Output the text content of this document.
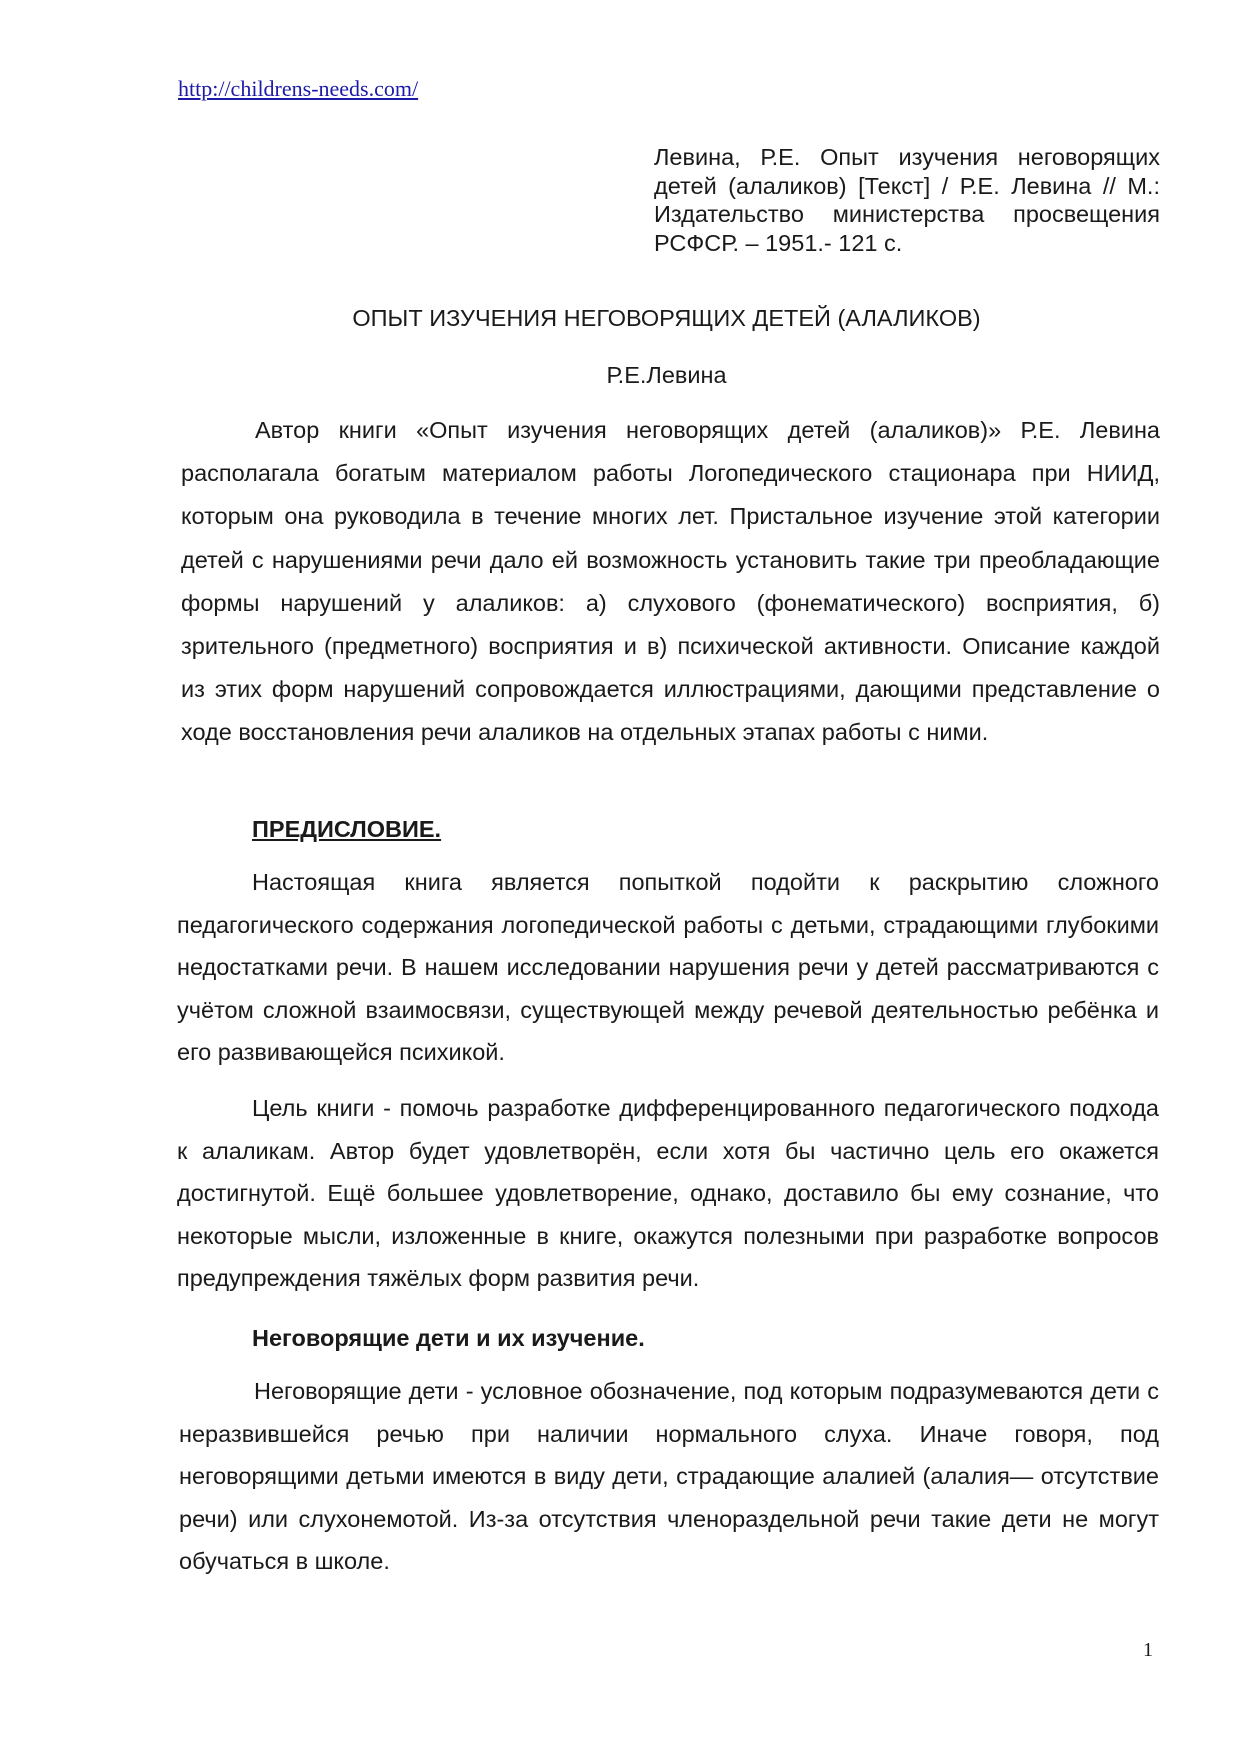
http://childrens-needs.com/

Левина, Р.Е. Опыт изучения неговорящих детей (алаликов) [Текст] / Р.Е. Левина // М.: Издательство министерства просвещения РСФСР. – 1951.- 121 с.

ОПЫТ ИЗУЧЕНИЯ НЕГОВОРЯЩИХ ДЕТЕЙ (АЛАЛИКОВ)

Р.Е.Левина

Автор книги «Опыт изучения неговорящих детей (алаликов)» Р.Е. Левина располагала богатым материалом работы Логопедического стационара при НИИД, которым она руководила в течение многих лет. Пристальное изучение этой категории детей с нарушениями речи дало ей возможность установить такие три преобладающие формы нарушений у алаликов: а) слухового (фонематического) восприятия, б) зрительного (предметного) восприятия и в) психической активности. Описание каждой из этих форм нарушений сопровождается иллюстрациями, дающими представление о ходе восстановления речи алаликов на отдельных этапах работы с ними.

ПРЕДИСЛОВИЕ.

Настоящая книга является попыткой подойти к раскрытию сложного педагогического содержания логопедической работы с детьми, страдающими глубокими недостатками речи. В нашем исследовании нарушения речи у детей рассматриваются с учётом сложной взаимосвязи, существующей между речевой деятельностью ребёнка и его развивающейся психикой.

Цель книги - помочь разработке дифференцированного педагогического подхода к алаликам. Автор будет удовлетворён, если хотя бы частично цель его окажется достигнутой. Ещё большее удовлетворение, однако, доставило бы ему сознание, что некоторые мысли, изложенные в книге, окажутся полезными при разработке вопросов предупреждения тяжёлых форм развития речи.

Неговорящие дети и их изучение.

Неговорящие дети - условное обозначение, под которым подразумеваются дети с неразвившейся речью при наличии нормального слуха. Иначе говоря, под неговорящими детьми имеются в виду дети, страдающие алалией (алалия— отсутствие речи) или слухонемотой. Из-за отсутствия членораздельной речи такие дети не могут обучаться в школе.

1
